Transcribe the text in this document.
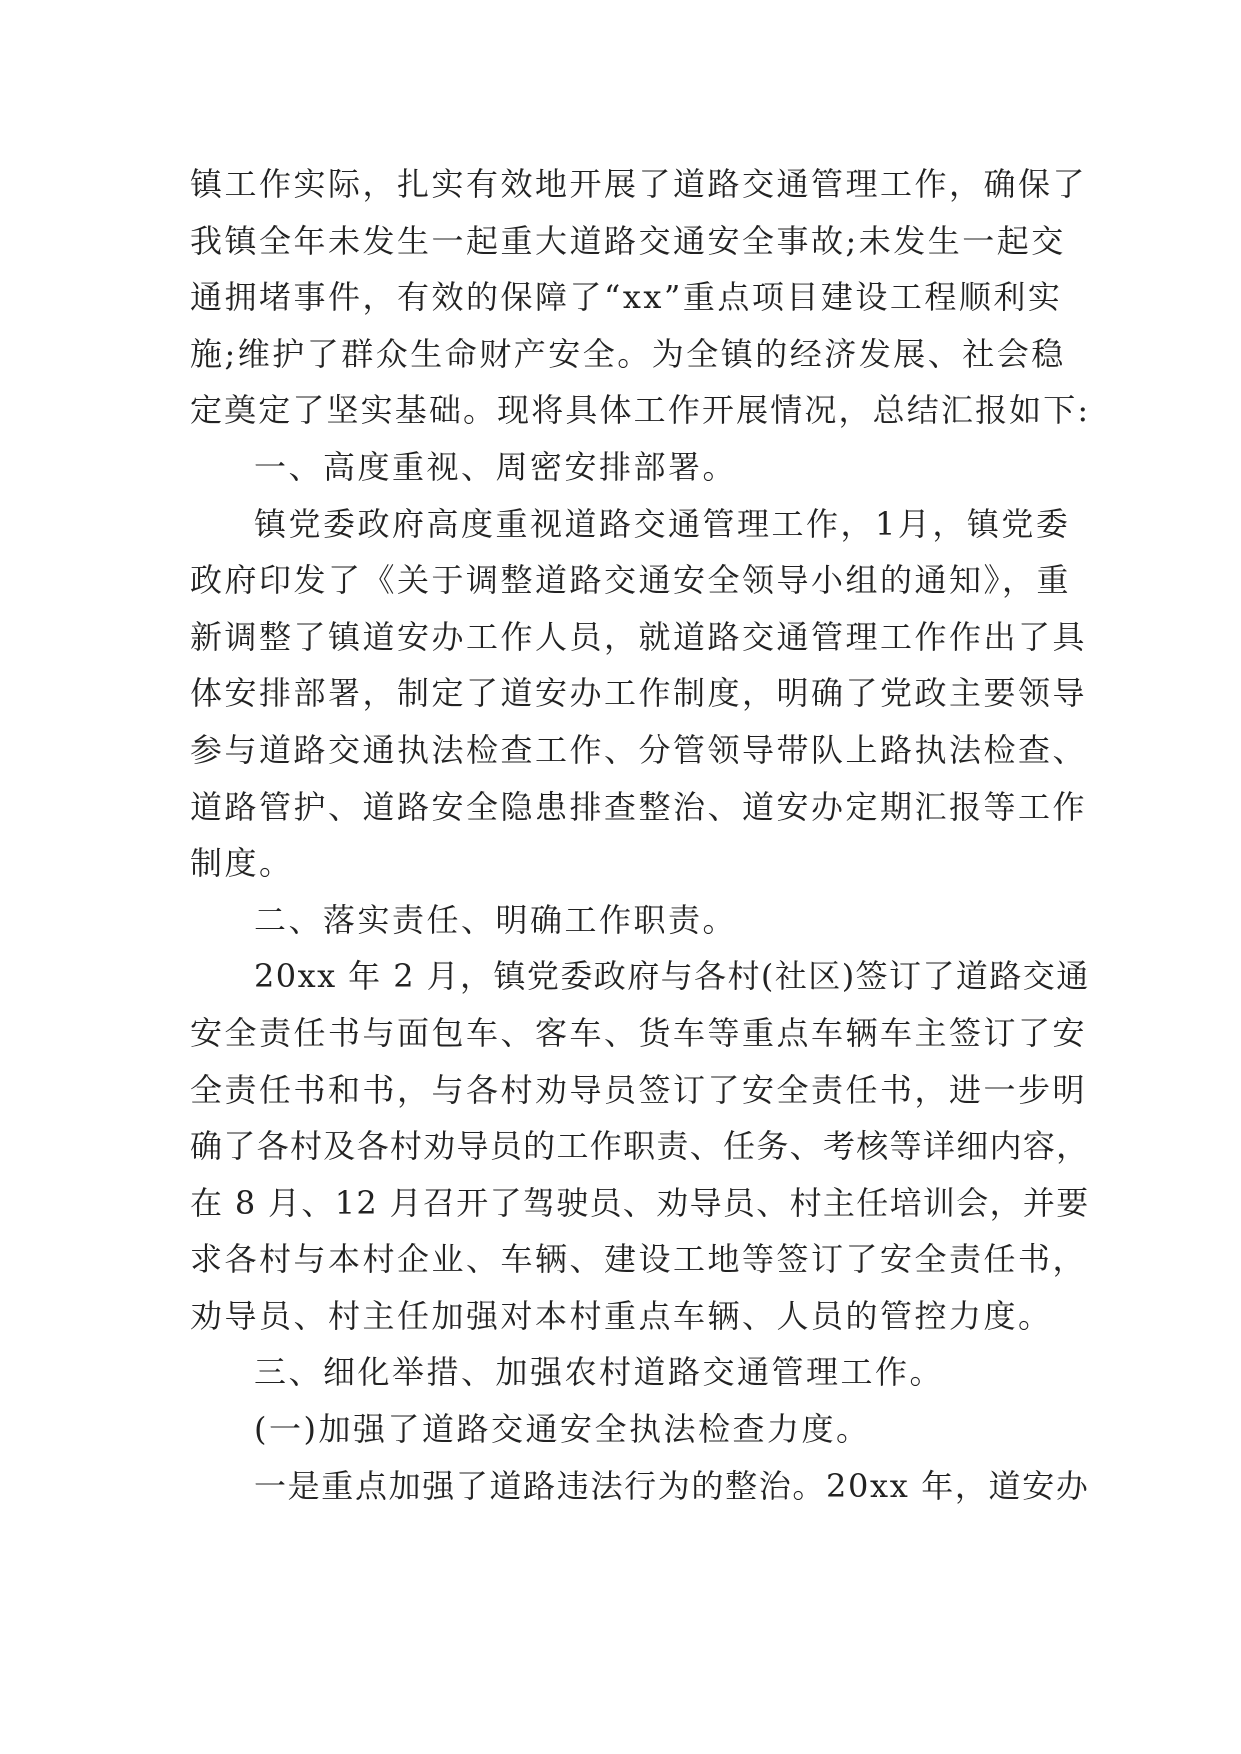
镇工作实际，扎实有效地开展了道路交通管理工作，确保了
我镇全年未发生一起重大道路交通安全事故;未发生一起交
通拥堵事件，有效的保障了“xx”重点项目建设工程顺利实
施;维护了群众生命财产安全。为全镇的经济发展、社会稳
定奠定了坚实基础。现将具体工作开展情况，总结汇报如下:
一、高度重视、周密安排部署。
镇党委政府高度重视道路交通管理工作，1月，镇党委
政府印发了《关于调整道路交通安全领导小组的通知》，重
新调整了镇道安办工作人员，就道路交通管理工作作出了具
体安排部署，制定了道安办工作制度，明确了党政主要领导
参与道路交通执法检查工作、分管领导带队上路执法检查、
道路管护、道路安全隐患排查整治、道安办定期汇报等工作
制度。
二、落实责任、明确工作职责。
20xx 年 2 月，镇党委政府与各村(社区)签订了道路交通
安全责任书与面包车、客车、货车等重点车辆车主签订了安
全责任书和书，与各村劝导员签订了安全责任书，进一步明
确了各村及各村劝导员的工作职责、任务、考核等详细内容，
在 8 月、12 月召开了驾驶员、劝导员、村主任培训会，并要
求各村与本村企业、车辆、建设工地等签订了安全责任书，
劝导员、村主任加强对本村重点车辆、人员的管控力度。
三、细化举措、加强农村道路交通管理工作。
(一)加强了道路交通安全执法检查力度。
一是重点加强了道路违法行为的整治。20xx 年，道安办
